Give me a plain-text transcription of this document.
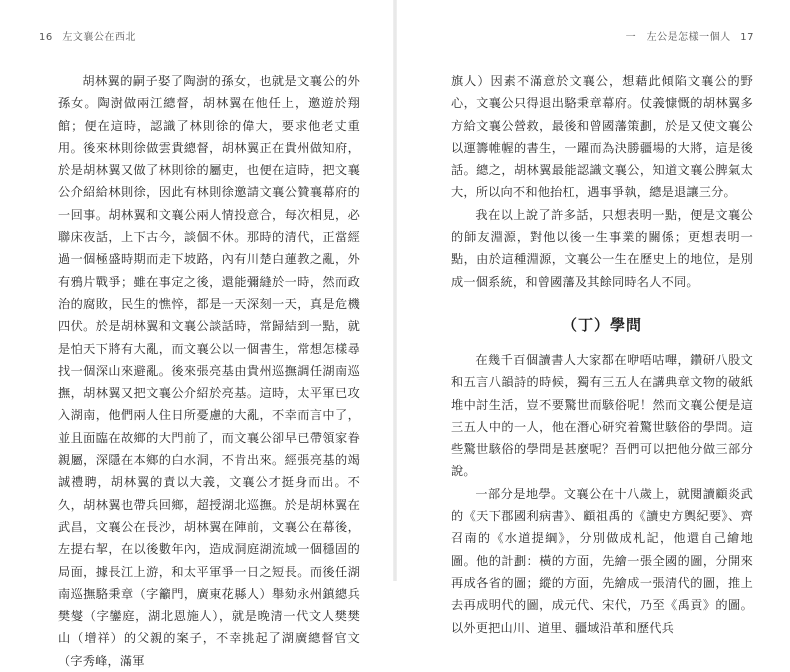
16 左文襄公在西北

胡林翼的嗣子娶了陶澍的孫女，也就是文襄公的外孫女。陶澍做兩江總督，胡林翼在他任上，邀遊於翔館；便在這時，認識了林則徐的偉大，要求他老丈重用。後來林則徐做雲貴總督，胡林翼正在貴州做知府，於是胡林翼又做了林則徐的屬吏，也便在這時，把文襄公介紹給林則徐，因此有林則徐邀請文襄公贊襄幕府的一回事。胡林翼和文襄公兩人情投意合，每次相見，必聯床夜話，上下古今，談個不休。那時的清代，正當經過一個極盛時期而走下坡路，內有川楚白蓮教之亂，外有鴉片戰爭；雖在事定之後，還能彌縫於一時，然而政治的腐敗，民生的憔悴，都是一天深刻一天，真是危機四伏。於是胡林翼和文襄公談話時，常歸結到一點，就是怕天下將有大亂，而文襄公以一個書生，常想怎樣尋找一個深山來避亂。後來張亮基由貴州巡撫調任湖南巡撫，胡林翼又把文襄公介紹於亮基。這時，太平軍已攻入湖南，他們兩人住日所憂慮的大亂，不幸而言中了，並且面臨在故鄉的大門前了，而文襄公卻早已帶領家眷親屬，深隱在本鄉的白水洞，不肯出來。經張亮基的竭誠禮聘，胡林翼的責以大義，文襄公才挺身而出。不久，胡林翼也帶兵回鄉，超授湖北巡撫。於是胡林翼在武昌，文襄公在長沙，胡林翼在陣前，文襄公在幕後，左提右挈，在以後數年內，造成洞庭湖流域一個穩固的局面，據長江上游，和太平軍爭一日之短長。而後任湖南巡撫駱秉章（字籲門，廣東花縣人）舉劾永州鎮總兵樊燮（字鑾庭，湖北恩施人），就是晚清一代文人樊樊山（增祥）的父親的案子，不幸挑起了湖廣總督官文（字秀峰，滿軍

一　左公是怎樣一個人 17

旗人）因素不滿意於文襄公，想藉此傾陷文襄公的野心，文襄公只得退出駱秉章幕府。仗義慷慨的胡林翼多方給文襄公營救，最後和曾國藩策劃，於是又使文襄公以運籌帷幄的書生，一躍而為決勝疆場的大將，這是後話。總之，胡林翼最能認識文襄公，知道文襄公脾氣太大，所以向不和他抬杠，遇事爭執，總是退讓三分。

我在以上說了許多話，只想表明一點，便是文襄公的師友淵源，對他以後一生事業的關係；更想表明一點，由於這種淵源，文襄公一生在歷史上的地位，是別成一個系統，和曾國藩及其餘同時名人不同。

（丁）學問

在幾千百個讀書人大家都在咿唔咕嗶，鑽研八股文和五言八韻詩的時候，獨有三五人在講典章文物的破紙堆中討生活，豈不要驚世而駭俗呢！然而文襄公便是這三五人中的一人，他在潛心研究着驚世駭俗的學問。這些驚世駭俗的學問是甚麼呢？吾們可以把他分做三部分說。

一部分是地學。文襄公在十八歲上，就閱讀顧炎武的《天下郡國利病書》、顧祖禹的《讀史方輿紀要》、齊召南的《水道提綱》，分別做成札記，他還自己繪地圖。他的計劃：橫的方面，先繪一張全國的圖，分開來再成各省的圖；縱的方面，先繪成一張清代的圖，推上去再成明代的圖，成元代、宋代，乃至《禹貢》的圖。以外更把山川、道里、疆域沿革和歷代兵
